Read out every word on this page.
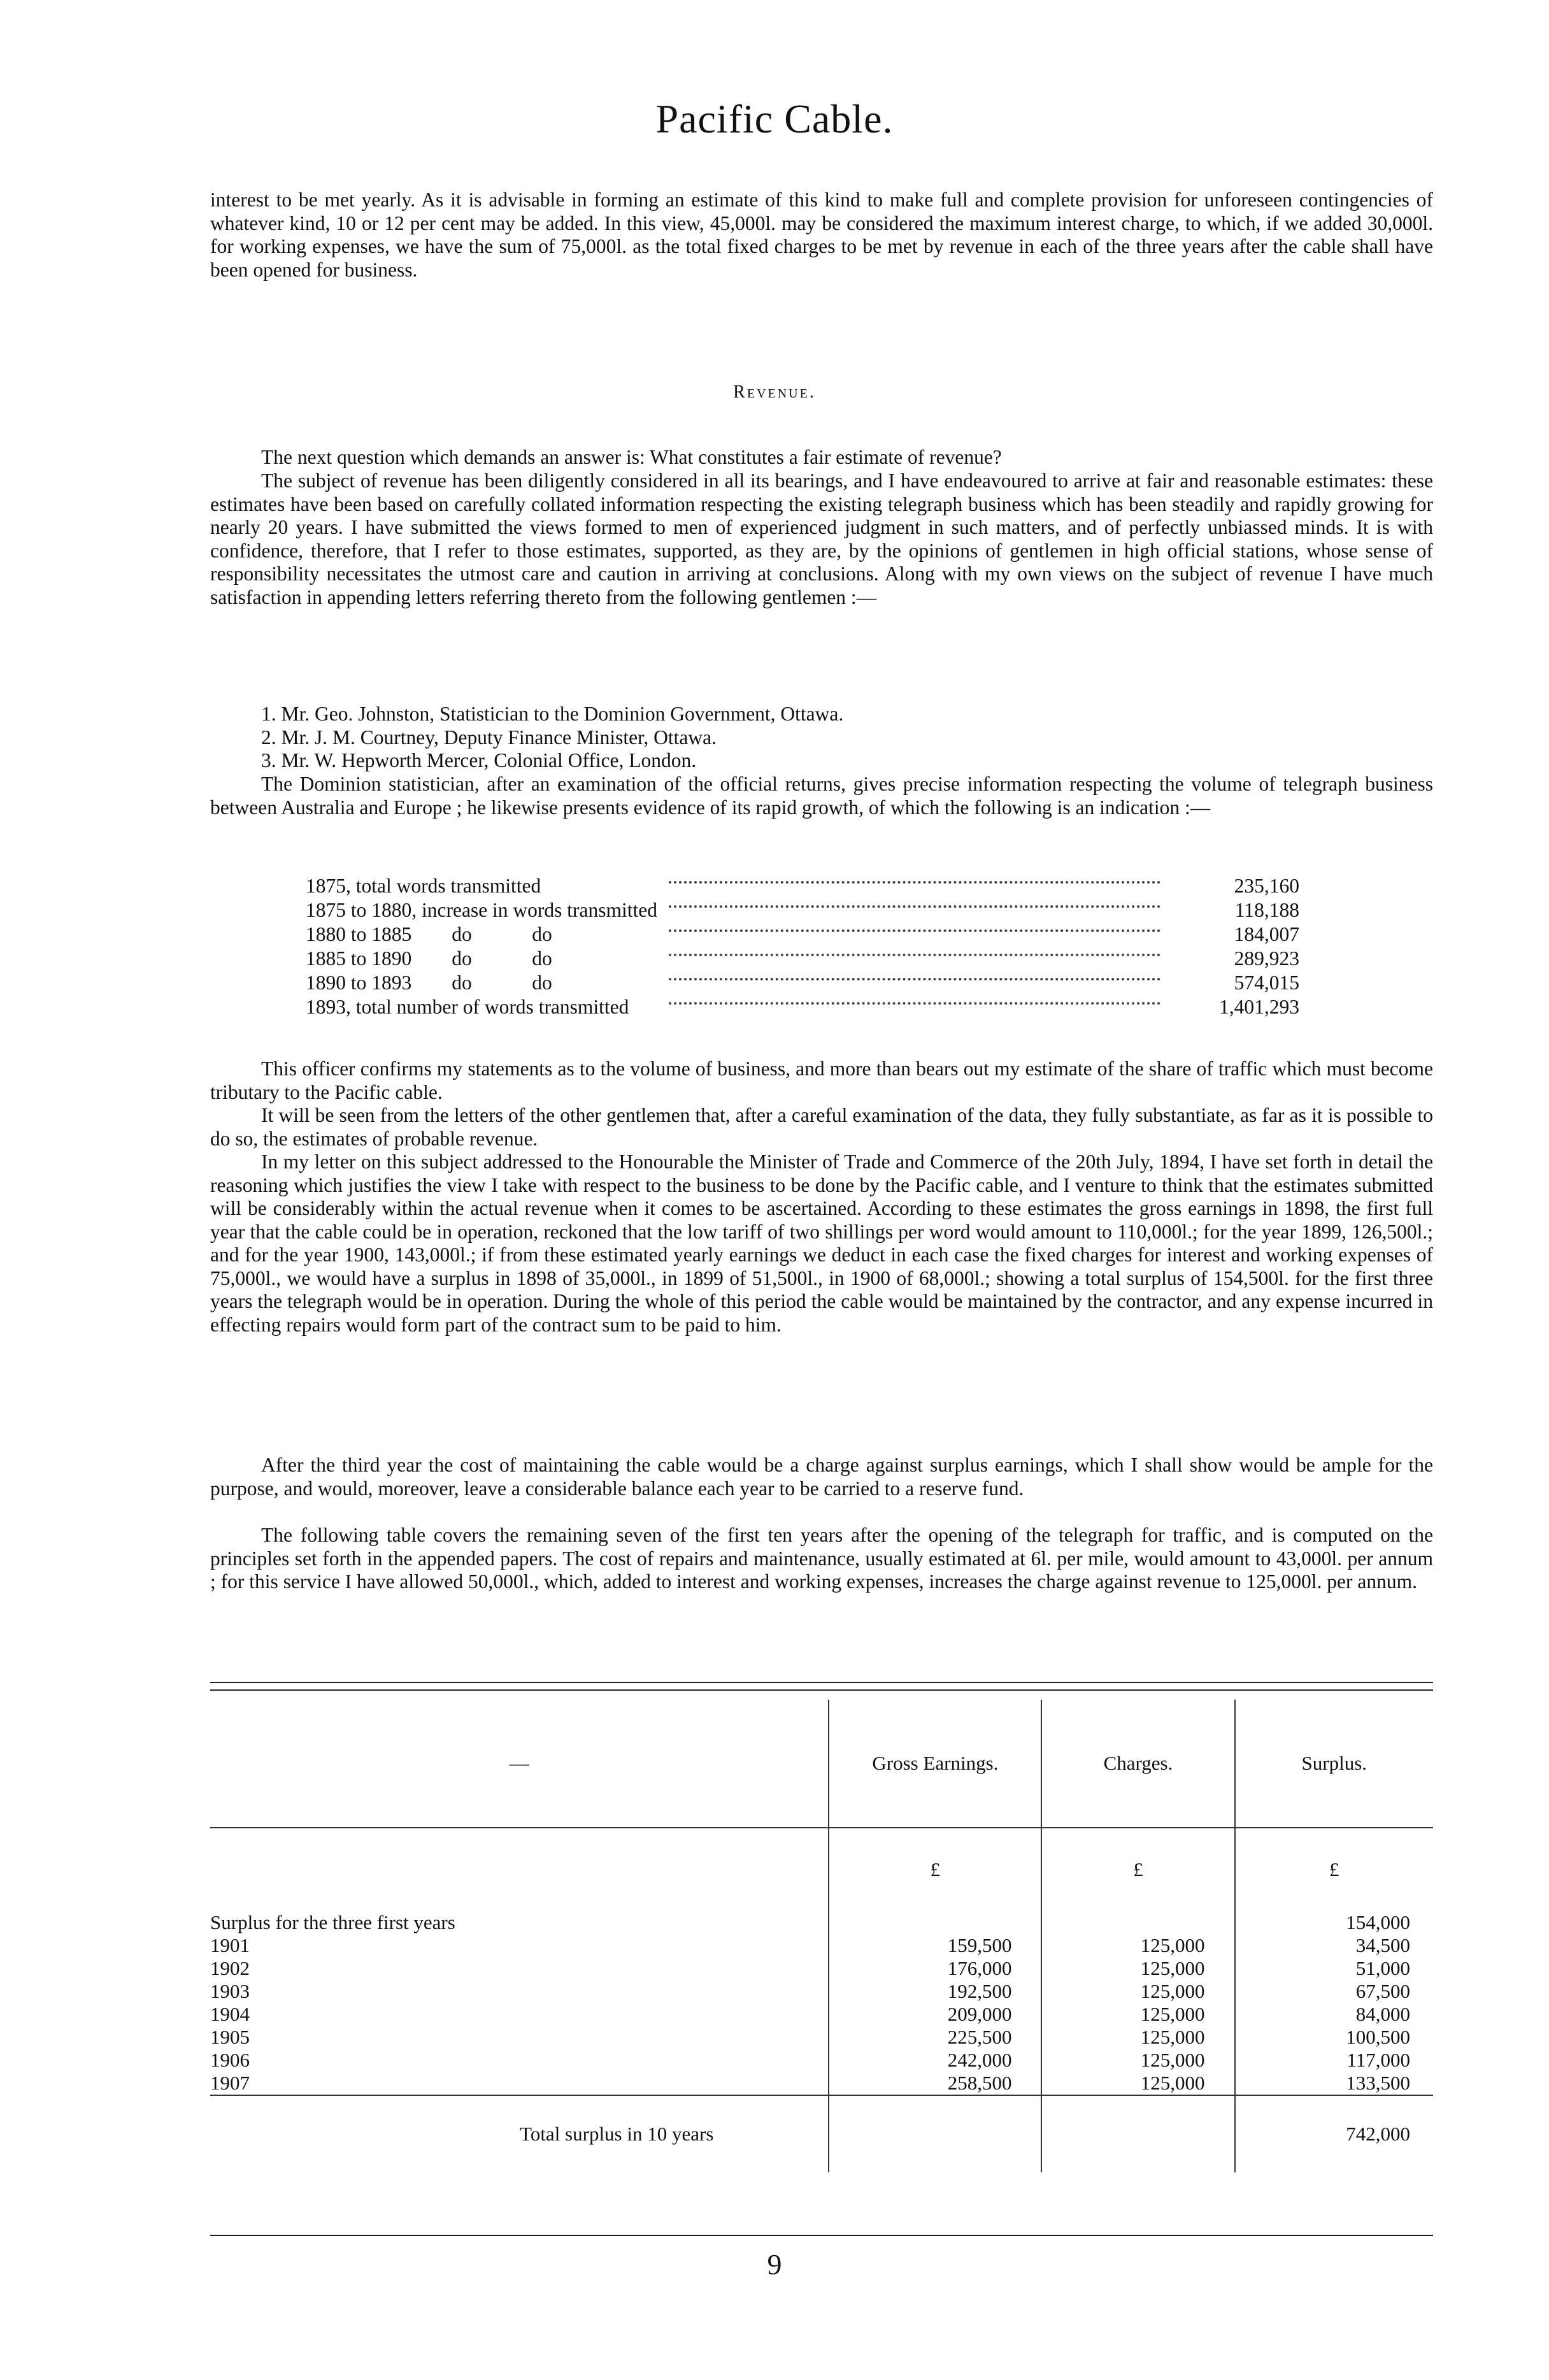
Pacific Cable.

interest to be met yearly. As it is advisable in forming an estimate of this kind to make full and complete provision for unforeseen contingencies of whatever kind, 10 or 12 per cent may be added. In this view, 45,000l. may be considered the maximum interest charge, to which, if we added 30,000l. for working expenses, we have the sum of 75,000l. as the total fixed charges to be met by revenue in each of the three years after the cable shall have been opened for business.

Revenue.

The next question which demands an answer is: What constitutes a fair estimate of revenue?

The subject of revenue has been diligently considered in all its bearings, and I have endeavoured to arrive at fair and reasonable estimates: these estimates have been based on carefully collated information respecting the existing telegraph business which has been steadily and rapidly growing for nearly 20 years. I have submitted the views formed to men of experienced judgment in such matters, and of perfectly unbiassed minds. It is with confidence, therefore, that I refer to those estimates, supported, as they are, by the opinions of gentlemen in high official stations, whose sense of responsibility necessitates the utmost care and caution in arriving at conclusions. Along with my own views on the subject of revenue I have much satisfaction in appending letters referring thereto from the following gentlemen :—

1. Mr. Geo. Johnston, Statistician to the Dominion Government, Ottawa.
2. Mr. J. M. Courtney, Deputy Finance Minister, Ottawa.
3. Mr. W. Hepworth Mercer, Colonial Office, London.

The Dominion statistician, after an examination of the official returns, gives precise information respecting the volume of telegraph business between Australia and Europe ; he likewise presents evidence of its rapid growth, of which the following is an indication :—

1875, total words transmitted		235,160
1875 to 1880, increase in words transmitted		118,188
1880 to 1885        do            do		184,007
1885 to 1890        do            do		289,923
1890 to 1893        do            do		574,015
1893, total number of words transmitted		1,401,293

This officer confirms my statements as to the volume of business, and more than bears out my estimate of the share of traffic which must become tributary to the Pacific cable.

It will be seen from the letters of the other gentlemen that, after a careful examination of the data, they fully substantiate, as far as it is possible to do so, the estimates of probable revenue.

In my letter on this subject addressed to the Honourable the Minister of Trade and Commerce of the 20th July, 1894, I have set forth in detail the reasoning which justifies the view I take with respect to the business to be done by the Pacific cable, and I venture to think that the estimates submitted will be considerably within the actual revenue when it comes to be ascertained. According to these estimates the gross earnings in 1898, the first full year that the cable could be in operation, reckoned that the low tariff of two shillings per word would amount to 110,000l.; for the year 1899, 126,500l.; and for the year 1900, 143,000l.; if from these estimated yearly earnings we deduct in each case the fixed charges for interest and working expenses of 75,000l., we would have a surplus in 1898 of 35,000l., in 1899 of 51,500l., in 1900 of 68,000l.; showing a total surplus of 154,500l. for the first three years the telegraph would be in operation. During the whole of this period the cable would be maintained by the contractor, and any expense incurred in effecting repairs would form part of the contract sum to be paid to him.

After the third year the cost of maintaining the cable would be a charge against surplus earnings, which I shall show would be ample for the purpose, and would, moreover, leave a considerable balance each year to be carried to a reserve fund.

The following table covers the remaining seven of the first ten years after the opening of the telegraph for traffic, and is computed on the principles set forth in the appended papers. The cost of repairs and maintenance, usually estimated at 6l. per mile, would amount to 43,000l. per annum ; for this service I have allowed 50,000l., which, added to interest and working expenses, increases the charge against revenue to 125,000l. per annum.

—	Gross Earnings.	Charges.	Surplus.
	£	£	£
Surplus for the three first years			154,000
1901	159,500	125,000	34,500
1902	176,000	125,000	51,000
1903	192,500	125,000	67,500
1904	209,000	125,000	84,000
1905	225,500	125,000	100,500
1906	242,000	125,000	117,000
1907	258,500	125,000	133,500
Total surplus in 10 years			742,000
9
